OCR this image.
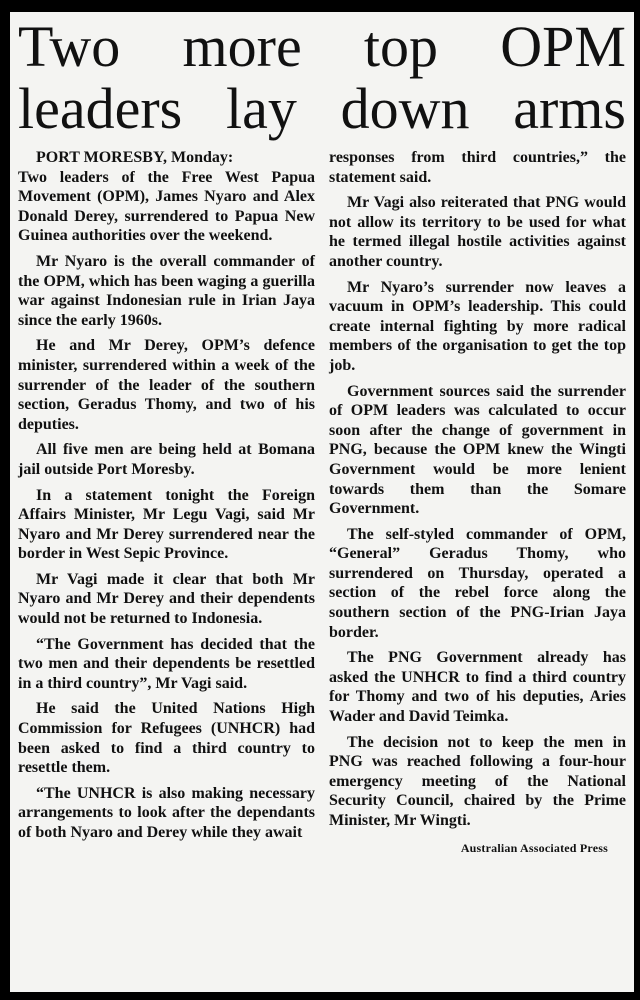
Two more top OPM
leaders lay down arms

PORT MORESBY, Monday:

Two leaders of the Free West Papua Movement (OPM), James Nyaro and Alex Donald Derey, surrendered to Papua New Guinea authorities over the weekend.

Mr Nyaro is the overall commander of the OPM, which has been waging a guerilla war against Indonesian rule in Irian Jaya since the early 1960s.

He and Mr Derey, OPM’s defence minister, surrendered within a week of the surrender of the leader of the southern section, Geradus Thomy, and two of his deputies.

All five men are being held at Bomana jail outside Port Moresby.

In a statement tonight the Foreign Affairs Minister, Mr Legu Vagi, said Mr Nyaro and Mr Derey surrendered near the border in West Sepic Province.

Mr Vagi made it clear that both Mr Nyaro and Mr Derey and their dependents would not be returned to Indonesia.

“The Government has decided that the two men and their dependents be resettled in a third country”, Mr Vagi said.

He said the United Nations High Commission for Refugees (UNHCR) had been asked to find a third country to resettle them.

“The UNHCR is also making necessary arrangements to look after the dependants of both Nyaro and Derey while they await

responses from third countries,” the statement said.

Mr Vagi also reiterated that PNG would not allow its territory to be used for what he termed illegal hostile activities against another country.

Mr Nyaro’s surrender now leaves a vacuum in OPM’s leadership. This could create internal fighting by more radical members of the organisation to get the top job.

Government sources said the surrender of OPM leaders was calculated to occur soon after the change of government in PNG, because the OPM knew the Wingti Government would be more lenient towards them than the Somare Government.

The self-styled commander of OPM, “General” Geradus Thomy, who surrendered on Thursday, operated a section of the rebel force along the southern section of the PNG-Irian Jaya border.

The PNG Government already has asked the UNHCR to find a third country for Thomy and two of his deputies, Aries Wader and David Teimka.

The decision not to keep the men in PNG was reached following a four-hour emergency meeting of the National Security Council, chaired by the Prime Minister, Mr Wingti.

Australian Associated Press
